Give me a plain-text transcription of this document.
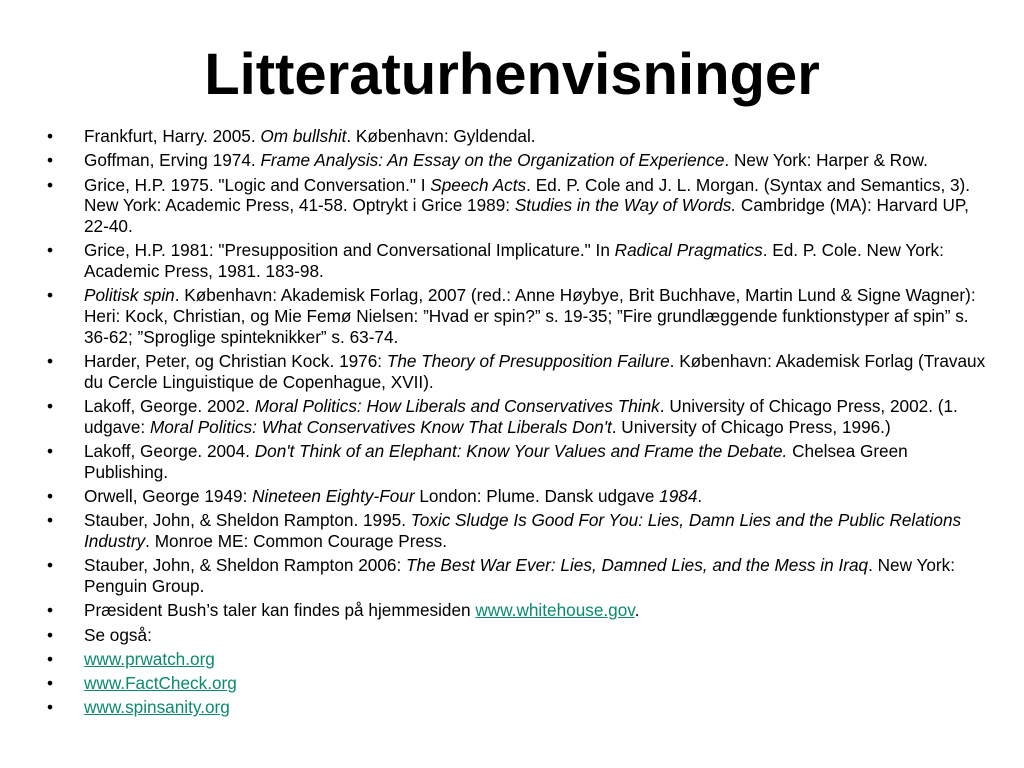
Litteraturhenvisninger
• Frankfurt, Harry. 2005. Om bullshit. København: Gyldendal.
• Goffman, Erving 1974. Frame Analysis: An Essay on the Organization of Experience. New York: Harper & Row.
• Grice, H.P. 1975. "Logic and Conversation." I Speech Acts. Ed. P. Cole and J. L. Morgan. (Syntax and Semantics, 3). New York: Academic Press, 41-58. Optrykt i Grice 1989: Studies in the Way of Words. Cambridge (MA): Harvard UP, 22-40.
• Grice, H.P. 1981: "Presupposition and Conversational Implicature." In Radical Pragmatics. Ed. P. Cole. New York: Academic Press, 1981. 183-98.
• Politisk spin. København: Akademisk Forlag, 2007 (red.: Anne Høybye, Brit Buchhave, Martin Lund & Signe Wagner): Heri: Kock, Christian, og Mie Femø Nielsen: ”Hvad er spin?” s. 19-35; ”Fire grundlæggende funktionstyper af spin” s. 36-62; ”Sproglige spinteknikker” s. 63-74.
• Harder, Peter, og Christian Kock. 1976: The Theory of Presupposition Failure. København: Akademisk Forlag (Travaux du Cercle Linguistique de Copenhague, XVII).
• Lakoff, George. 2002. Moral Politics: How Liberals and Conservatives Think. University of Chicago Press, 2002. (1. udgave: Moral Politics: What Conservatives Know That Liberals Don't. University of Chicago Press, 1996.)
• Lakoff, George. 2004. Don't Think of an Elephant: Know Your Values and Frame the Debate. Chelsea Green Publishing.
• Orwell, George 1949: Nineteen Eighty-Four London: Plume. Dansk udgave 1984.
• Stauber, John, & Sheldon Rampton. 1995. Toxic Sludge Is Good For You: Lies, Damn Lies and the Public Relations Industry. Monroe ME: Common Courage Press.
• Stauber, John, & Sheldon Rampton 2006: The Best War Ever: Lies, Damned Lies, and the Mess in Iraq. New York: Penguin Group.
• Præsident Bush’s taler kan findes på hjemmesiden www.whitehouse.gov.
• Se også:
• www.prwatch.org
• www.FactCheck.org
• www.spinsanity.org
